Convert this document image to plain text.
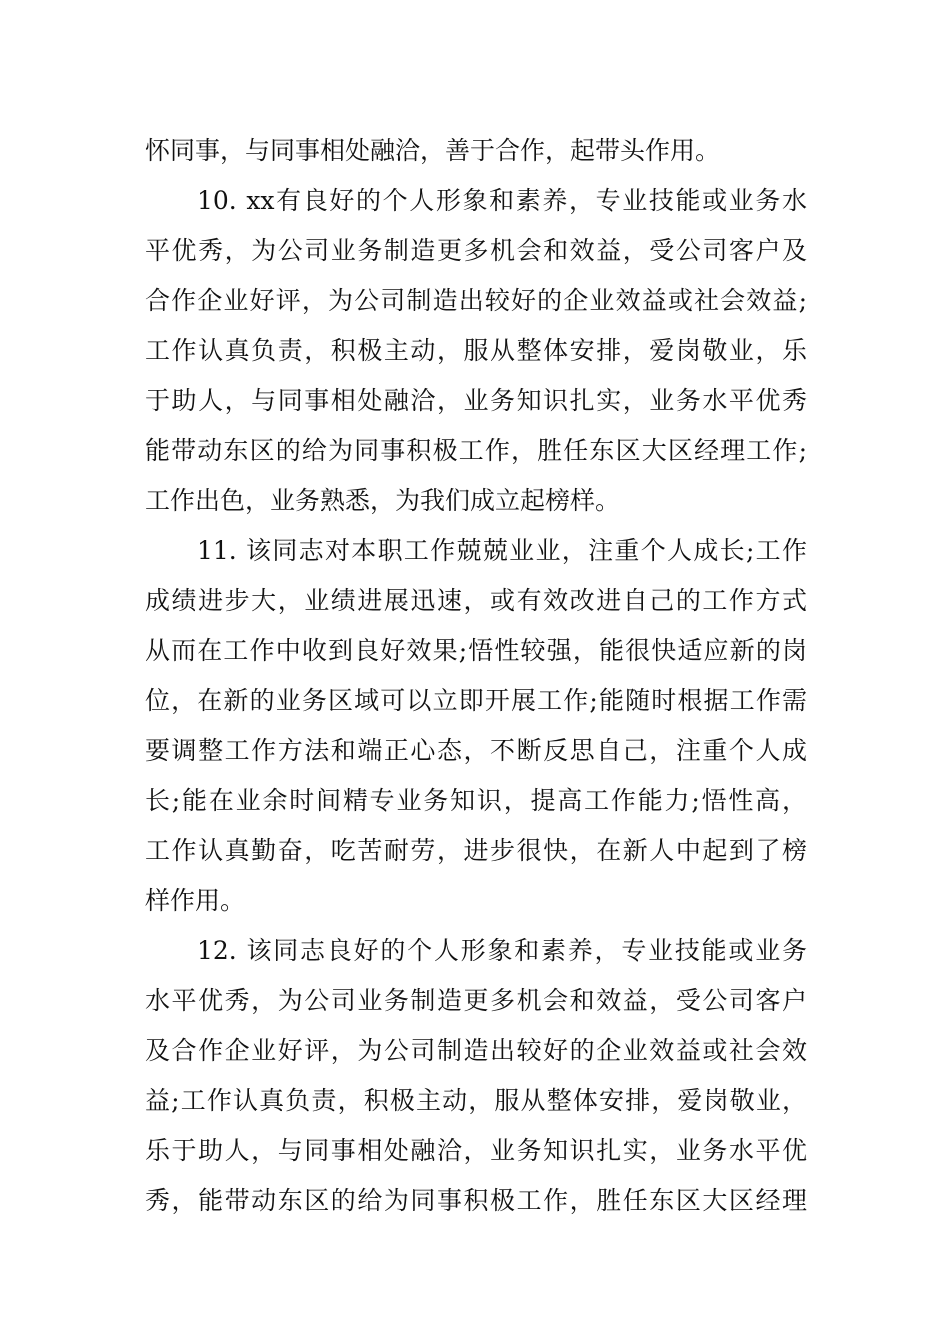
怀同事，与同事相处融洽，善于合作，起带头作用。
10. xx有良好的个人形象和素养，专业技能或业务水
平优秀，为公司业务制造更多机会和效益，受公司客户及
合作企业好评，为公司制造出较好的企业效益或社会效益;
工作认真负责，积极主动，服从整体安排，爱岗敬业，乐
于助人，与同事相处融洽，业务知识扎实，业务水平优秀
能带动东区的给为同事积极工作，胜任东区大区经理工作;
工作出色，业务熟悉，为我们成立起榜样。
11. 该同志对本职工作兢兢业业，注重个人成长;工作
成绩进步大，业绩进展迅速，或有效改进自己的工作方式
从而在工作中收到良好效果;悟性较强，能很快适应新的岗
位，在新的业务区域可以立即开展工作;能随时根据工作需
要调整工作方法和端正心态，不断反思自己，注重个人成
长;能在业余时间精专业务知识，提高工作能力;悟性高，
工作认真勤奋，吃苦耐劳，进步很快，在新人中起到了榜
样作用。
12. 该同志良好的个人形象和素养，专业技能或业务
水平优秀，为公司业务制造更多机会和效益，受公司客户
及合作企业好评，为公司制造出较好的企业效益或社会效
益;工作认真负责，积极主动，服从整体安排，爱岗敬业，
乐于助人，与同事相处融洽，业务知识扎实，业务水平优
秀，能带动东区的给为同事积极工作，胜任东区大区经理
